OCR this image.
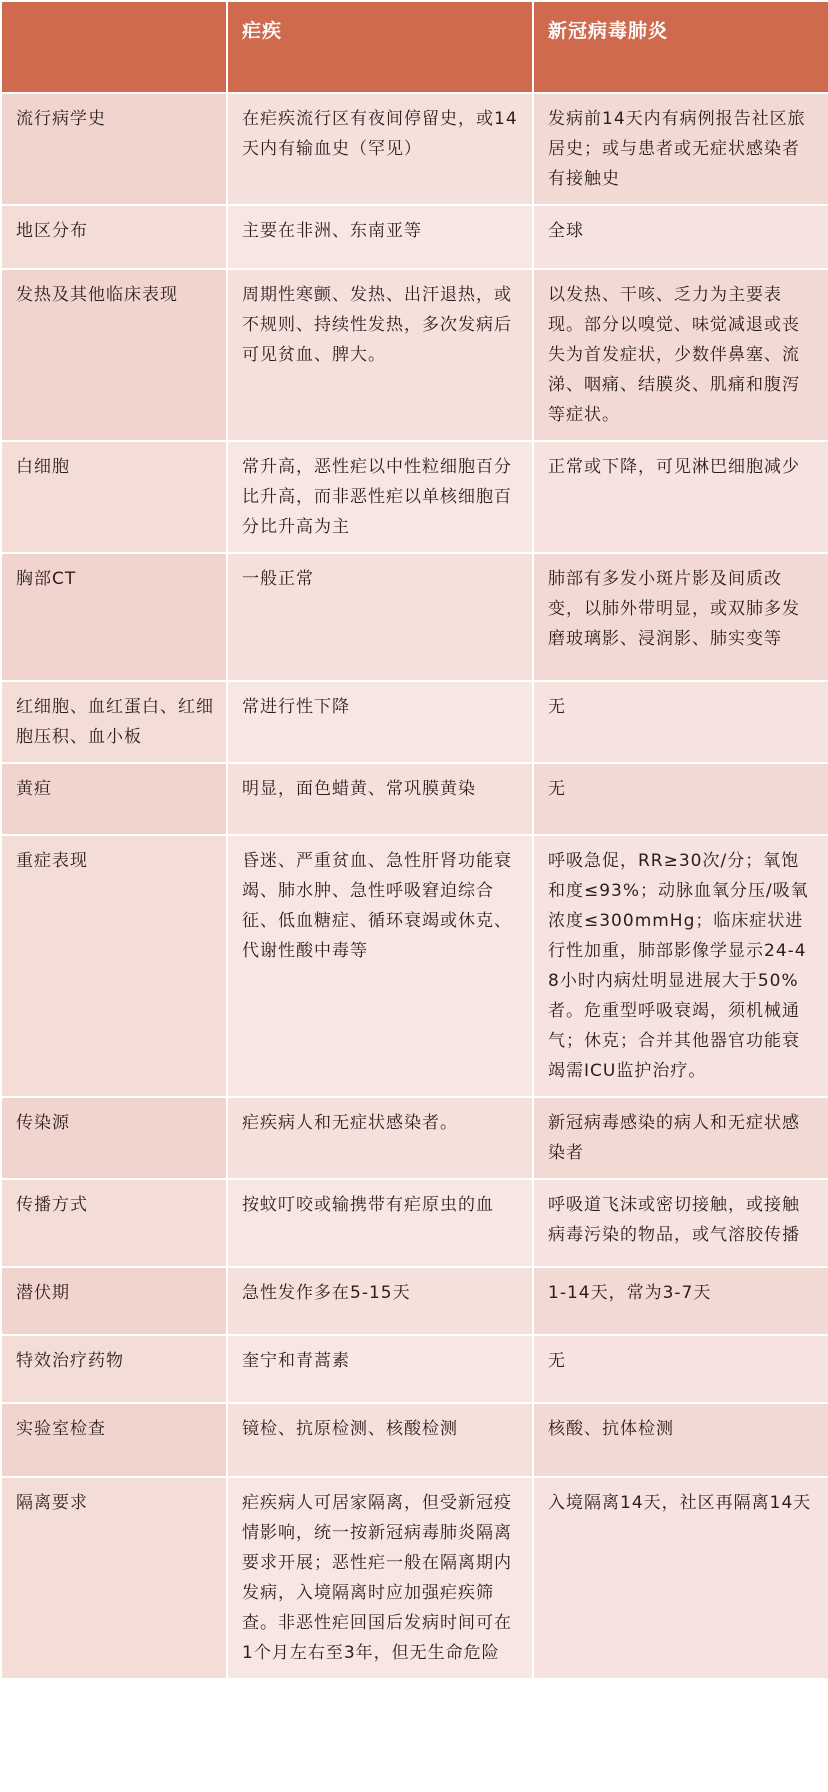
	疟疾	新冠病毒肺炎
流行病学史	在疟疾流行区有夜间停留史，或14天内有输血史（罕见）	发病前14天内有病例报告社区旅居史；或与患者或无症状感染者有接触史
地区分布	主要在非洲、东南亚等	全球
发热及其他临床表现	周期性寒颤、发热、出汗退热，或不规则、持续性发热，多次发病后可见贫血、脾大。	以发热、干咳、乏力为主要表现。部分以嗅觉、味觉减退或丧失为首发症状，少数伴鼻塞、流涕、咽痛、结膜炎、肌痛和腹泻等症状。
白细胞	常升高，恶性疟以中性粒细胞百分比升高，而非恶性疟以单核细胞百分比升高为主	正常或下降，可见淋巴细胞减少
胸部CT	一般正常	肺部有多发小斑片影及间质改变，以肺外带明显，或双肺多发磨玻璃影、浸润影、肺实变等
红细胞、血红蛋白、红细胞压积、血小板	常进行性下降	无
黄疸	明显，面色蜡黄、常巩膜黄染	无
重症表现	昏迷、严重贫血、急性肝肾功能衰竭、肺水肿、急性呼吸窘迫综合征、低血糖症、循环衰竭或休克、代谢性酸中毒等	呼吸急促，RR≥30次/分；氧饱和度≤93%；动脉血氧分压/吸氧浓度≤300mmHg；临床症状进行性加重，肺部影像学显示24-48小时内病灶明显进展大于50%者。危重型呼吸衰竭，须机械通气；休克；合并其他器官功能衰竭需ICU监护治疗。
传染源	疟疾病人和无症状感染者。	新冠病毒感染的病人和无症状感染者
传播方式	按蚊叮咬或输携带有疟原虫的血	呼吸道飞沫或密切接触，或接触病毒污染的物品，或气溶胶传播
潜伏期	急性发作多在5-15天	1-14天，常为3-7天
特效治疗药物	奎宁和青蒿素	无
实验室检查	镜检、抗原检测、核酸检测	核酸、抗体检测
隔离要求	疟疾病人可居家隔离，但受新冠疫情影响，统一按新冠病毒肺炎隔离要求开展；恶性疟一般在隔离期内发病，入境隔离时应加强疟疾筛查。非恶性疟回国后发病时间可在1个月左右至3年，但无生命危险	入境隔离14天，社区再隔离14天
